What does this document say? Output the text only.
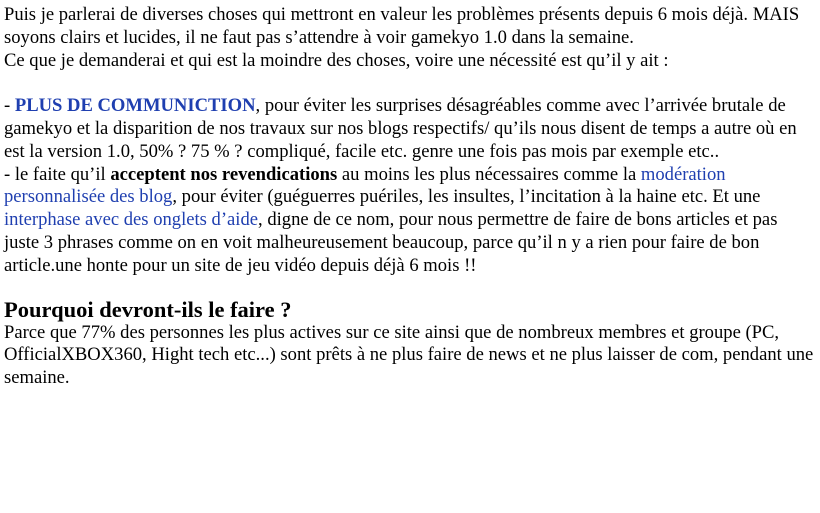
Puis je parlerai de diverses choses qui mettront en valeur les problèmes présents depuis 6 mois déjà. MAIS soyons clairs et lucides, il ne faut pas s’attendre à voir gamekyo 1.0 dans la semaine.

Ce que je demanderai et qui est la moindre des choses, voire une nécessité est qu’il y ait :

- PLUS DE COMMUNICTION, pour éviter les surprises désagréables comme avec l’arrivée brutale de gamekyo et la disparition de nos travaux sur nos blogs respectifs/ qu’ils nous disent de temps a autre où en est la version 1.0, 50% ? 75 % ? compliqué, facile etc. genre une fois pas mois par exemple etc..

- le faite qu’il acceptent nos revendications au moins les plus nécessaires comme la modération personnalisée des blog, pour éviter (guéguerres puériles, les insultes, l’incitation à la haine etc. Et une interphase avec des onglets d’aide, digne de ce nom, pour nous permettre de faire de bons articles et pas juste 3 phrases comme on en voit malheureusement beaucoup, parce qu’il n y a rien pour faire de bon article.une honte pour un site de jeu vidéo depuis déjà 6 mois !!

Pourquoi devront-ils le faire ?

Parce que 77% des personnes les plus actives sur ce site ainsi que de nombreux membres et groupe (PC, OfficialXBOX360, Hight tech etc...) sont prêts à ne plus faire de news et ne plus laisser de com, pendant une semaine.
